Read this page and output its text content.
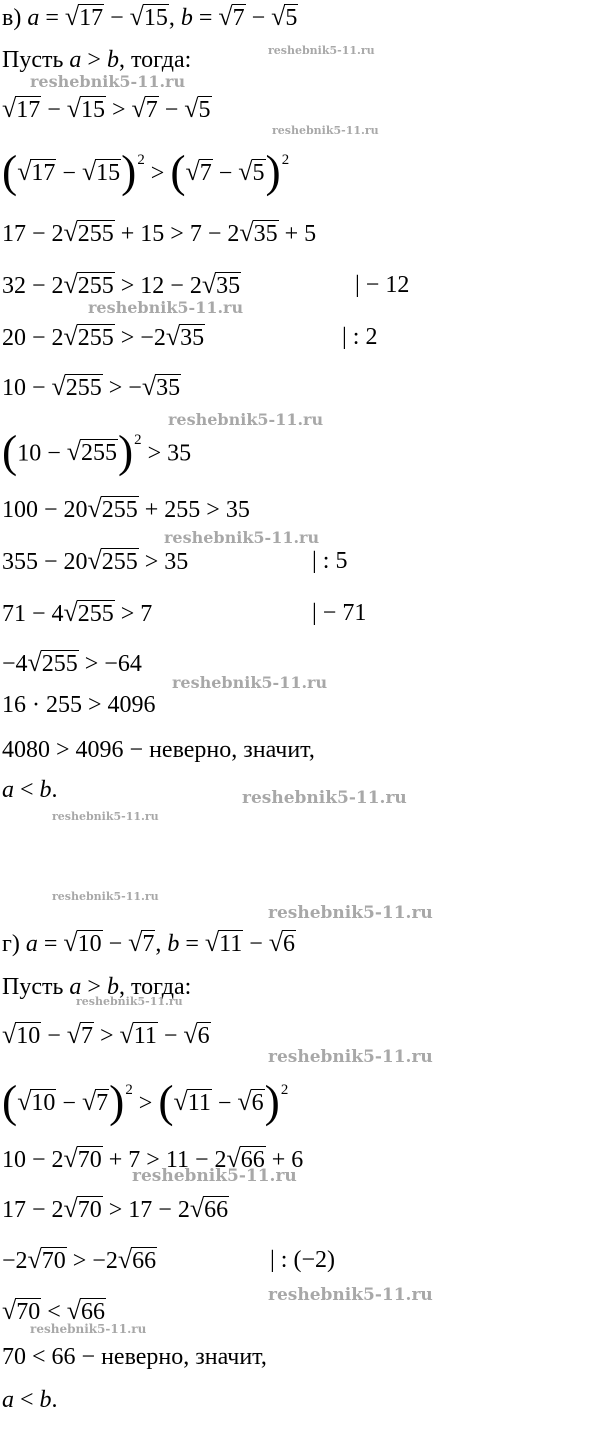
в) a = √17 − √15, b = √7 − √5
Пусть a > b, тогда:
√17 − √15 > √7 − √5
$(√17 - √15)^2 > (√7 - √5)^2$
17 − 2√255 + 15 > 7 − 2√35 + 5
32 − 2√255 > 12 − 2√35	| − 12
20 − 2√255 > −2√35	| : 2
10 − √255 > −√35
$(10 - √255)^2 > 35$
100 − 20√255 + 255 > 35
355 − 20√255 > 35	| : 5
71 − 4√255 > 7	| − 71
−4√255 > −64
16 · 255 > 4096
4080 > 4096 − неверно, значит,
a < b.
г) a = √10 − √7, b = √11 − √6
Пусть a > b, тогда:
√10 − √7 > √11 − √6
$(√10 - √7)^2 > (√11 - √6)^2$
10 − 2√70 + 7 > 11 − 2√66 + 6
17 − 2√70 > 17 − 2√66
−2√70 > −2√66	| : (−2)
√70 < √66
70 < 66 − неверно, значит,
a < b.
reshebnik5-11.ru
reshebnik5-11.ru
reshebnik5-11.ru
reshebnik5-11.ru
reshebnik5-11.ru
reshebnik5-11.ru
reshebnik5-11.ru
reshebnik5-11.ru
reshebnik5-11.ru
reshebnik5-11.ru
reshebnik5-11.ru
reshebnik5-11.ru
reshebnik5-11.ru
reshebnik5-11.ru
reshebnik5-11.ru
reshebnik5-11.ru
